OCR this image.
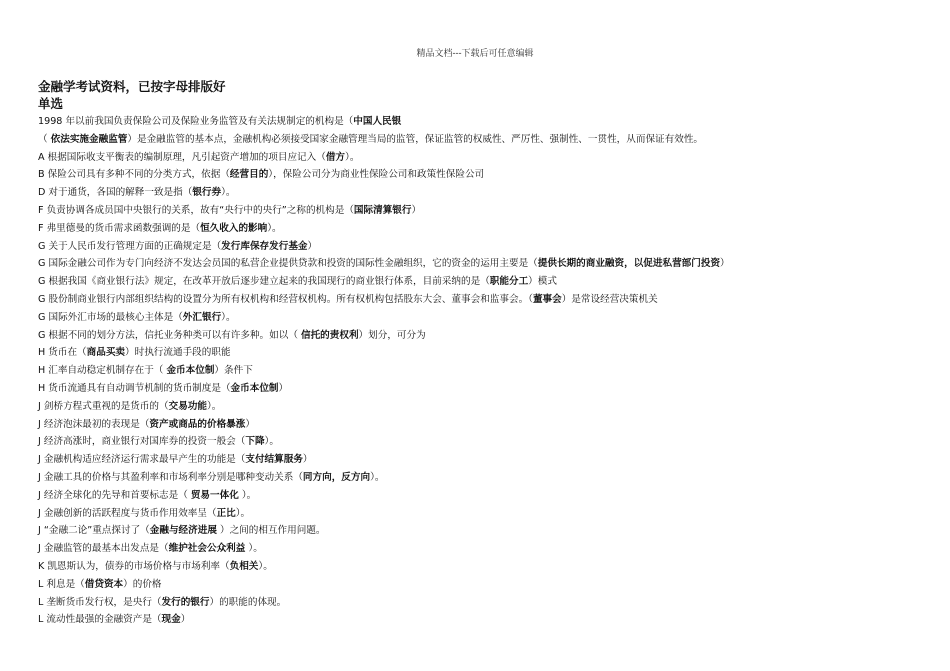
精品文档---下载后可任意编辑
金融学考试资料，已按字母排版好
单选
1998 年以前我国负责保险公司及保险业务监管及有关法规制定的机构是（中国人民银
（ 依法实施金融监管）是金融监管的基本点，金融机构必须接受国家金融管理当局的监管，保证监管的权威性、严厉性、强制性、一贯性，从而保证有效性。
A 根据国际收支平衡表的编制原理，凡引起资产增加的项目应记入（借方）。
B 保险公司具有多种不同的分类方式，依据（经营目的），保险公司分为商业性保险公司和政策性保险公司
D 对于通货，各国的解释一致是指（银行券）。
F 负责协调各成员国中央银行的关系，故有“央行中的央行”之称的机构是（国际清算银行）
F 弗里德曼的货币需求函数强调的是（恒久收入的影响）。
G 关于人民币发行管理方面的正确规定是（发行库保存发行基金）
G 国际金融公司作为专门向经济不发达会员国的私营企业提供贷款和投资的国际性金融组织，它的资金的运用主要是（提供长期的商业融资，以促进私营部门投资）
G 根据我国《商业银行法》规定，在改革开放后逐步建立起来的我国现行的商业银行体系，目前采纳的是（职能分工）模式
G 股份制商业银行内部组织结构的设置分为所有权机构和经营权机构。所有权机构包括股东大会、董事会和监事会。（董事会）是常设经营决策机关
G 国际外汇市场的最核心主体是（外汇银行）。
G 根据不同的划分方法，信托业务种类可以有许多种。如以（ 信托的责权利）划分，可分为
H 货币在（商品买卖）时执行流通手段的职能
H 汇率自动稳定机制存在于（ 金币本位制）条件下
H 货币流通具有自动调节机制的货币制度是（金币本位制）
J 剑桥方程式重视的是货币的（交易功能）。
J 经济泡沫最初的表现是（资产或商品的价格暴涨）
J 经济高涨时，商业银行对国库券的投资一般会（下降）。
J 金融机构适应经济运行需求最早产生的功能是（支付结算服务）
J 金融工具的价格与其盈利率和市场利率分别是哪种变动关系（同方向，反方向）。
J 经济全球化的先导和首要标志是（ 贸易一体化 ）。
J 金融创新的活跃程度与货币作用效率呈（正比）。
J “金融二论”重点探讨了（金融与经济进展 ）之间的相互作用问题。
J 金融监管的最基本出发点是（维护社会公众利益 ）。
K 凯恩斯认为，债券的市场价格与市场利率（负相关）。
L 利息是（借贷资本）的价格
L 垄断货币发行权，是央行（发行的银行）的职能的体现。
L 流动性最强的金融资产是（现金）
